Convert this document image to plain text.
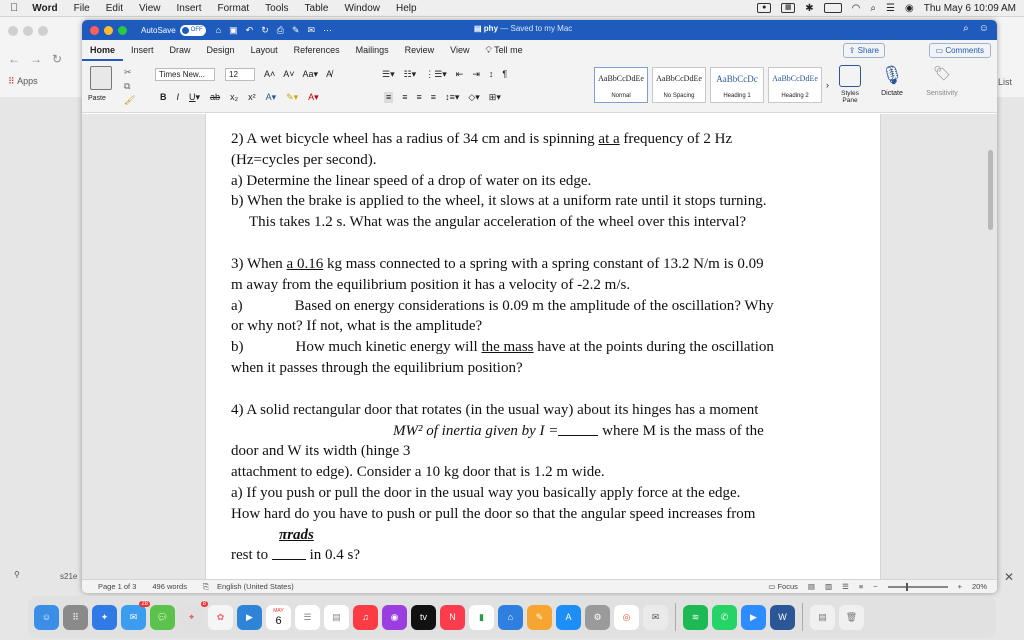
Word	File	Edit	View	Insert	Format	Tools	Table	Window	Help	●	▦	✱	◠ ⌕ ☰ ◉ Thu May 6 10:09 AM
← → ↻
⠿ Apps	List
⚲	s21e	✕
AutoSave	OFF ⌂ ▣ ↶ ↻ ⎙ ✎ ✉ ⋯	▤ phy — Saved to my Mac	⌕ ☺
Home	Insert	Draw	Design	Layout	References	Mailings	Review	View	💡︎ Tell me	⇪ Share	▭ Comments
Paste
✂
⧉
🖌︎
Times New...	12	A˄ A˅ Aa▾ A̸
B I U▾ ab x₂ x² A▾ ✎▾ A▾
☰▾ ☷▾ ⋮☰▾ ⇤ ⇥ ↕ ¶
≡ ≡ ≡ ≡ ↕≡▾ ◇▾ ⊞▾
AaBbCcDdEe
Normal
AaBbCcDdEe
No Spacing
AaBbCcDc
Heading 1
AaBbCcDdEe
Heading 2
›
Styles Pane
🎙︎
Dictate
🏷︎
Sensitivity

2) A wet bicycle wheel has a radius of 34 cm and is spinning at a frequency of 2 Hz

(Hz=cycles per second).

a) Determine the linear speed of a drop of water on its edge.

b) When the brake is applied to the wheel, it slows at a uniform rate until it stops turning.

This takes 1.2 s. What was the angular acceleration of the wheel over this interval?

3) When a 0.16 kg mass connected to a spring with a spring constant of 13.2 N/m is 0.09

m away from the equilibrium position it has a velocity of -2.2 m/s.

a)	Based on energy considerations is 0.09 m the amplitude of the oscillation? Why

or why not? If not, what is the amplitude?

b)	How much kinetic energy will the mass have at the points during the oscillation

when it passes through the equilibrium position?

4) A solid rectangular door that rotates (in the usual way) about its hinges has a moment

MW² of inertia given by I =	where M is the mass of the

door and W its width (hinge 3

attachment to edge). Consider a 10 kg door that is 1.2 m wide.

a) If you push or pull the door in the usual way you basically apply force at the edge.

How hard do you have to push or pull the door so that the angular speed increases from

πrads

rest to	in 0.4 s?

Page 1 of 3 496 words ⎘ English (United States)	▭ Focus ▤ ▥ ☰ ≡ −	+ 20%
☺	⠿	✦	✉
28
💬︎	⌖
8
✿	▶
MAY
6	☰	▤	♫	◉	tv	N	▮	⌂	✎	A	⚙	◎	✉	≋	✆	▶	W	▤	🗑︎
